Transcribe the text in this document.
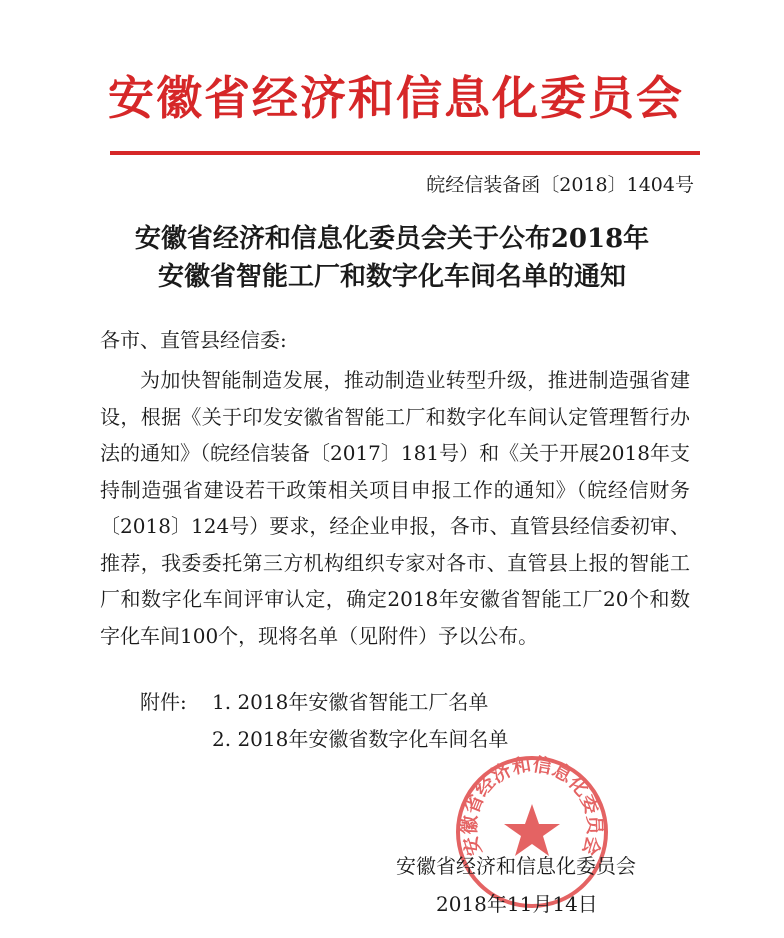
安徽省经济和信息化委员会
皖经信装备函〔2018〕1404号
安徽省经济和信息化委员会关于公布2018年
安徽省智能工厂和数字化车间名单的通知
各市、直管县经信委:
为加快智能制造发展，推动制造业转型升级，推进制造强省建设，根据《关于印发安徽省智能工厂和数字化车间认定管理暂行办法的通知》（皖经信装备〔2017〕181号）和《关于开展2018年支持制造强省建设若干政策相关项目申报工作的通知》（皖经信财务〔2018〕124号）要求，经企业申报，各市、直管县经信委初审、推荐，我委委托第三方机构组织专家对各市、直管县上报的智能工厂和数字化车间评审认定，确定2018年安徽省智能工厂20个和数字化车间100个，现将名单（见附件）予以公布。
附件: 1. 2018年安徽省智能工厂名单
2. 2018年安徽省数字化车间名单
安徽省经济和信息化委员会
安徽省经济和信息化委员会
2018年11月14日
